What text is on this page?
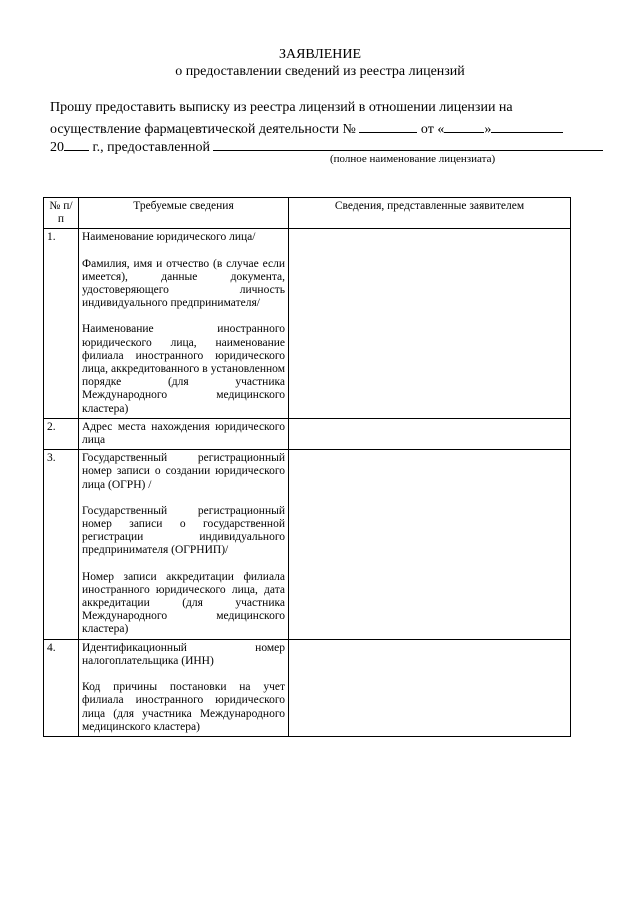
ЗАЯВЛЕНИЕ
о предоставлении сведений из реестра лицензий
Прошу предоставить выписку из реестра лицензий в отношении лицензии на
осуществление фармацевтической деятельности №	от «	»
20 г., предоставленной
(полное наименование лицензиата)
№ п/п	Требуемые сведения	Сведения, представленные заявителем
1.	Наименование юридического лица/
Фамилия, имя и отчество (в случае если имеется), данные документа, удостоверяющего личность индивидуального предпринимателя/
Наименование иностранного юридического лица, наименование филиала иностранного юридического лица, аккредитованного в установленном порядке (для участника Международного медицинского кластера)	

2.	Адрес места нахождения юридического лица	

3.	Государственный регистрационный номер записи о создании юридического лица (ОГРН) /
Государственный регистрационный номер записи о государственной регистрации индивидуального предпринимателя (ОГРНИП)/
Номер записи аккредитации филиала иностранного юридического лица, дата аккредитации (для участника Международного медицинского кластера)	

4.	Идентификационный номер налогоплательщика (ИНН)
Код причины постановки на учет филиала иностранного юридического лица (для участника Международного медицинского кластера)	
